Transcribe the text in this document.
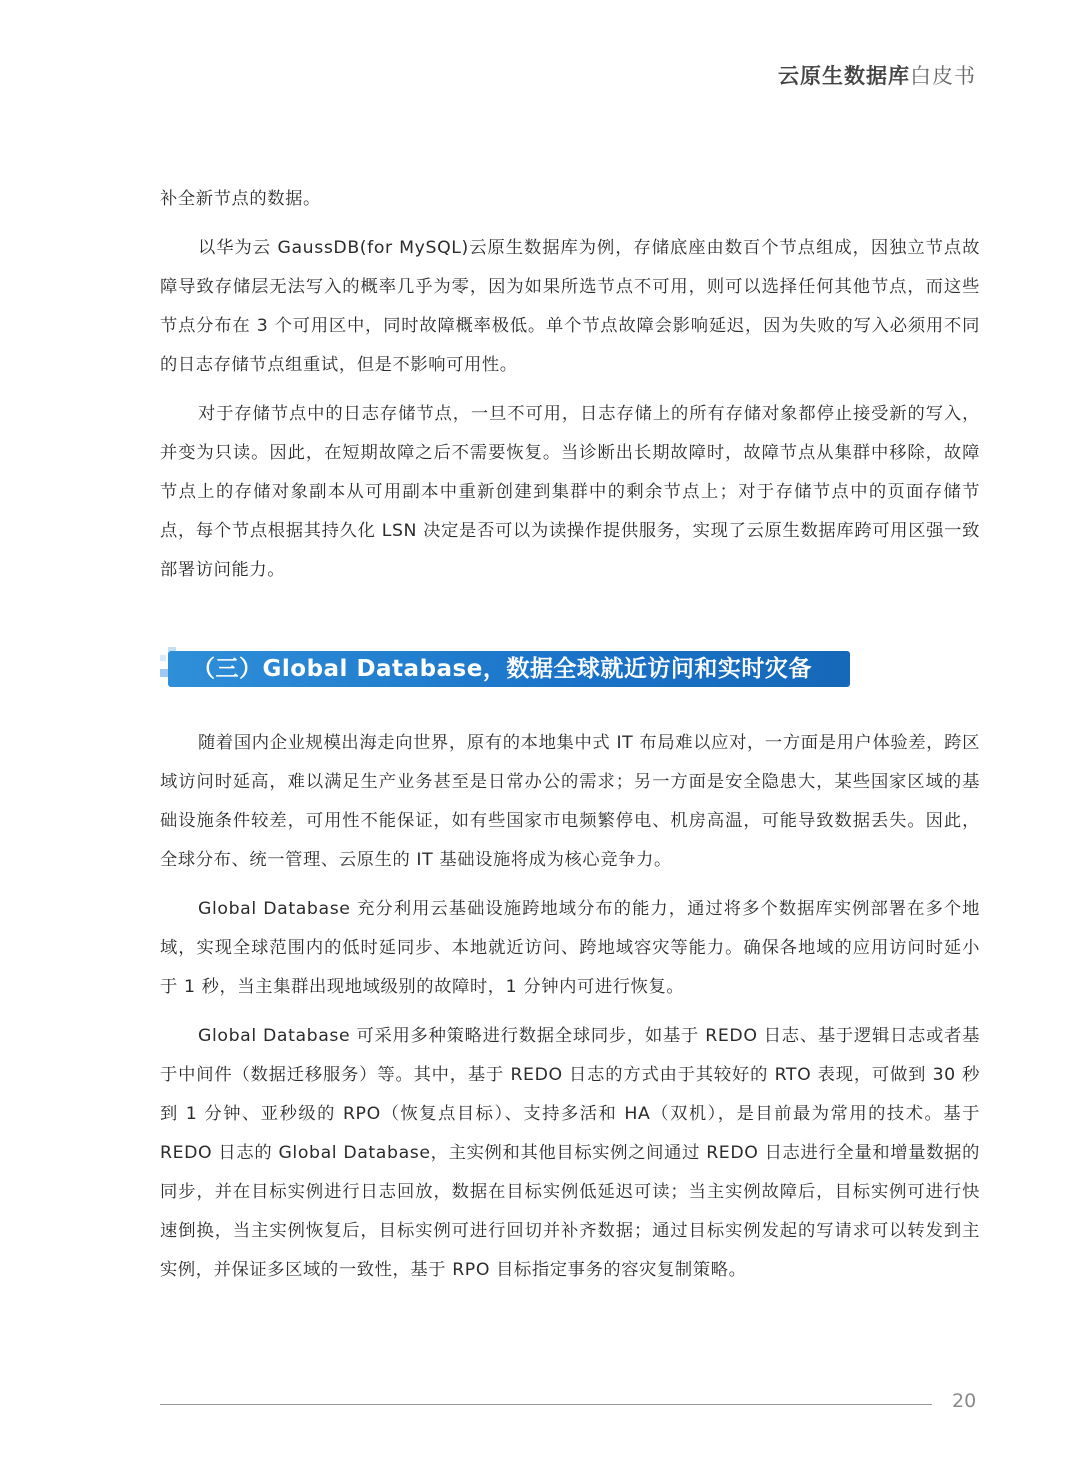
云原生数据库白皮书

补全新节点的数据。

以华为云 GaussDB(for MySQL)云原生数据库为例，存储底座由数百个节点组成，因独立节点故障导致存储层无法写入的概率几乎为零，因为如果所选节点不可用，则可以选择任何其他节点，而这些节点分布在 3 个可用区中，同时故障概率极低。单个节点故障会影响延迟，因为失败的写入必须用不同的日志存储节点组重试，但是不影响可用性。

对于存储节点中的日志存储节点，一旦不可用，日志存储上的所有存储对象都停止接受新的写入，并变为只读。因此，在短期故障之后不需要恢复。当诊断出长期故障时，故障节点从集群中移除，故障节点上的存储对象副本从可用副本中重新创建到集群中的剩余节点上；对于存储节点中的页面存储节点，每个节点根据其持久化 LSN 决定是否可以为读操作提供服务，实现了云原生数据库跨可用区强一致部署访问能力。

（三）Global Database，数据全球就近访问和实时灾备

随着国内企业规模出海走向世界，原有的本地集中式 IT 布局难以应对，一方面是用户体验差，跨区域访问时延高，难以满足生产业务甚至是日常办公的需求；另一方面是安全隐患大，某些国家区域的基础设施条件较差，可用性不能保证，如有些国家市电频繁停电、机房高温，可能导致数据丢失。因此，全球分布、统一管理、云原生的 IT 基础设施将成为核心竞争力。

Global Database 充分利用云基础设施跨地域分布的能力，通过将多个数据库实例部署在多个地域，实现全球范围内的低时延同步、本地就近访问、跨地域容灾等能力。确保各地域的应用访问时延小于 1 秒，当主集群出现地域级别的故障时，1 分钟内可进行恢复。

Global Database 可采用多种策略进行数据全球同步，如基于 REDO 日志、基于逻辑日志或者基于中间件（数据迁移服务）等。其中，基于 REDO 日志的方式由于其较好的 RTO 表现，可做到 30 秒到 1 分钟、亚秒级的 RPO（恢复点目标）、支持多活和 HA（双机），是目前最为常用的技术。基于 REDO 日志的 Global Database，主实例和其他目标实例之间通过 REDO 日志进行全量和增量数据的同步，并在目标实例进行日志回放，数据在目标实例低延迟可读；当主实例故障后，目标实例可进行快速倒换，当主实例恢复后，目标实例可进行回切并补齐数据；通过目标实例发起的写请求可以转发到主实例，并保证多区域的一致性，基于 RPO 目标指定事务的容灾复制策略。

20
